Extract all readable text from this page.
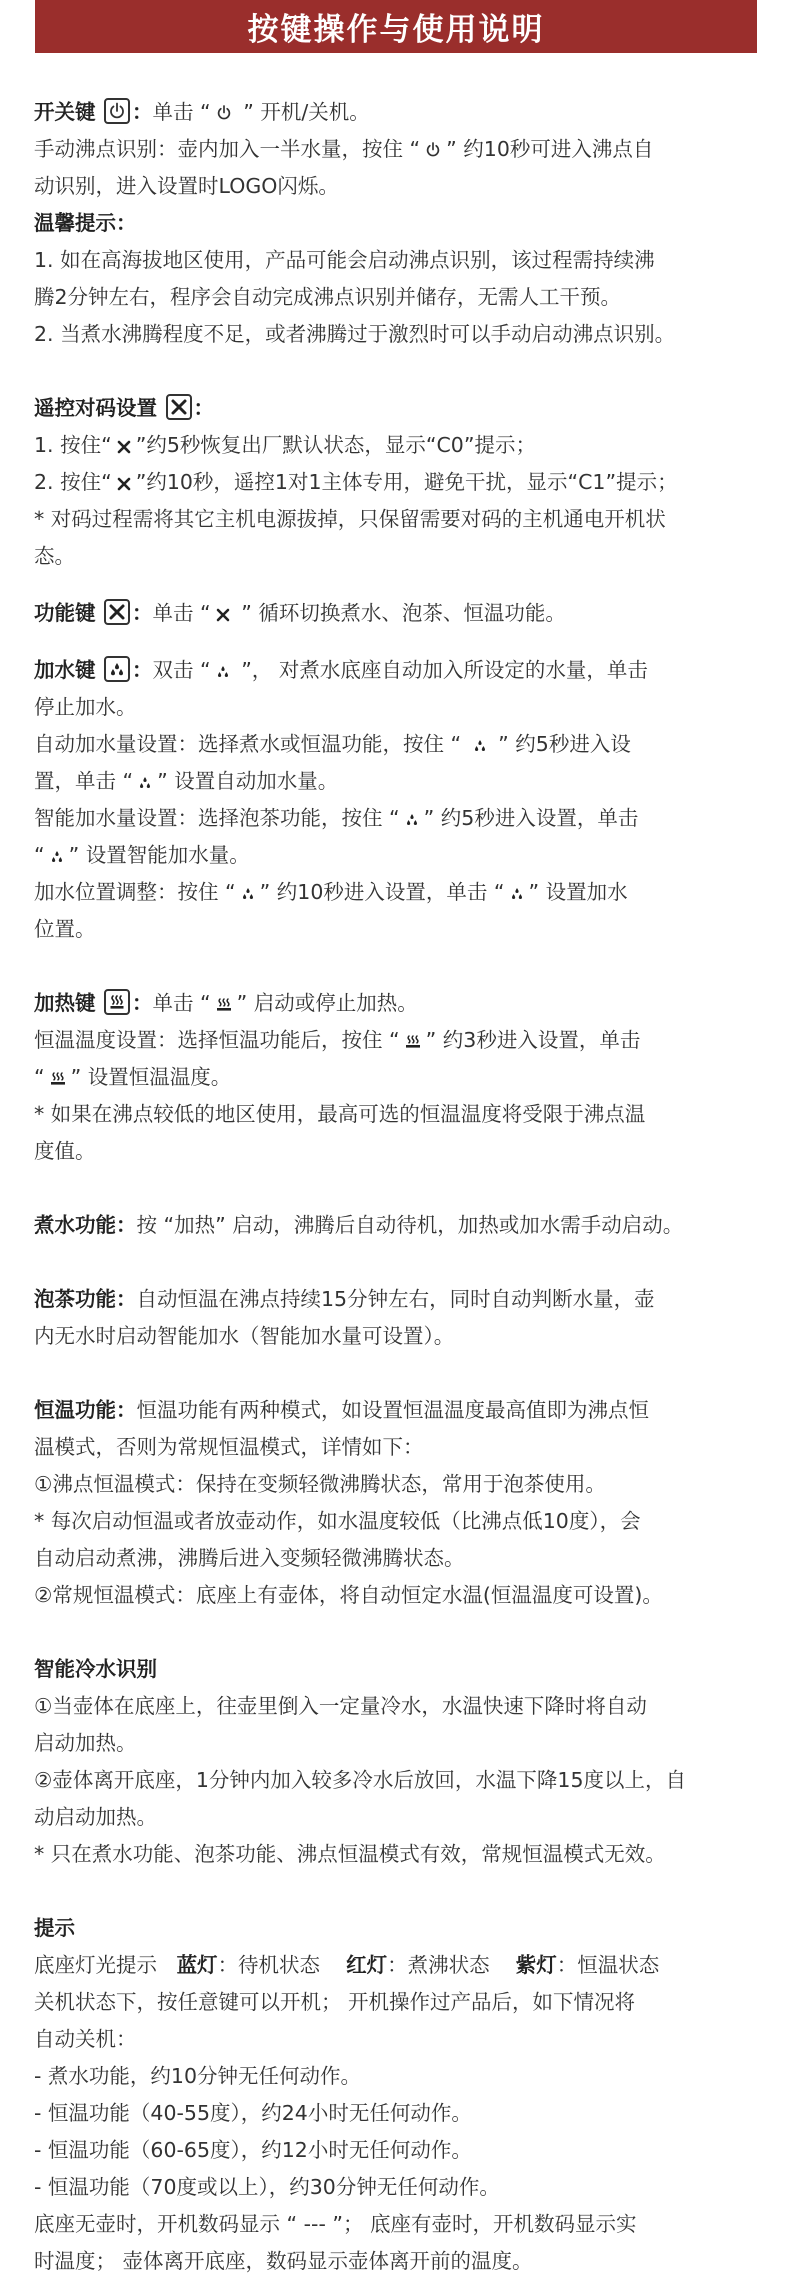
按键操作与使用说明

开关键 ：单击 “
” 开机/关机。

手动沸点识别：壶内加入一半水量，按住 “ ” 约10秒可进入沸点自

动识别，进入设置时LOGO闪烁。

温馨提示：

1. 如在高海拔地区使用，产品可能会启动沸点识别，该过程需持续沸

腾2分钟左右，程序会自动完成沸点识别并储存，无需人工干预。

2. 当煮水沸腾程度不足，或者沸腾过于激烈时可以手动启动沸点识别。

遥控对码设置 ：

1. 按住“ ”约5秒恢复出厂默认状态，显示“C0”提示；

2. 按住“ ”约10秒，遥控1对1主体专用，避免干扰，显示“C1”提示；

* 对码过程需将其它主机电源拔掉，只保留需要对码的主机通电开机状

态。

功能键 ：单击 “
” 循环切换煮水、泡茶、恒温功能。

加水键 ：双击 “
”， 对煮水底座自动加入所设定的水量，单击

停止加水。

自动加水量设置：选择煮水或恒温功能，按住 “
” 约5秒进入设

置，单击 “ ” 设置自动加水量。

智能加水量设置：选择泡茶功能，按住 “ ” 约5秒进入设置，单击

“ ” 设置智能加水量。

加水位置调整：按住 “ ” 约10秒进入设置，单击 “ ” 设置加水

位置。

加热键 ：单击 “ ” 启动或停止加热。

恒温温度设置：选择恒温功能后，按住 “ ” 约3秒进入设置，单击

“ ” 设置恒温温度。

* 如果在沸点较低的地区使用，最高可选的恒温温度将受限于沸点温

度值。

煮水功能：按 “加热” 启动，沸腾后自动待机，加热或加水需手动启动。

泡茶功能：自动恒温在沸点持续15分钟左右，同时自动判断水量，壶

内无水时启动智能加水（智能加水量可设置）。

恒温功能：恒温功能有两种模式，如设置恒温温度最高值即为沸点恒

温模式，否则为常规恒温模式，详情如下：

①沸点恒温模式：保持在变频轻微沸腾状态，常用于泡茶使用。

* 每次启动恒温或者放壶动作，如水温度较低（比沸点低10度），会

自动启动煮沸，沸腾后进入变频轻微沸腾状态。

②常规恒温模式：底座上有壶体，将自动恒定水温(恒温温度可设置)。

智能冷水识别

①当壶体在底座上，往壶里倒入一定量冷水，水温快速下降时将自动

启动加热。

②壶体离开底座，1分钟内加入较多冷水后放回，水温下降15度以上，自

动启动加热。

* 只在煮水功能、泡茶功能、沸点恒温模式有效，常规恒温模式无效。

提示

底座灯光提示 蓝灯：待机状态 红灯：煮沸状态 紫灯：恒温状态

关机状态下，按任意键可以开机； 开机操作过产品后，如下情况将

自动关机：

- 煮水功能，约10分钟无任何动作。

- 恒温功能（40-55度），约24小时无任何动作。

- 恒温功能（60-65度），约12小时无任何动作。

- 恒温功能（70度或以上），约30分钟无任何动作。

底座无壶时，开机数码显示 “ --- ”； 底座有壶时，开机数码显示实

时温度； 壶体离开底座，数码显示壶体离开前的温度。
